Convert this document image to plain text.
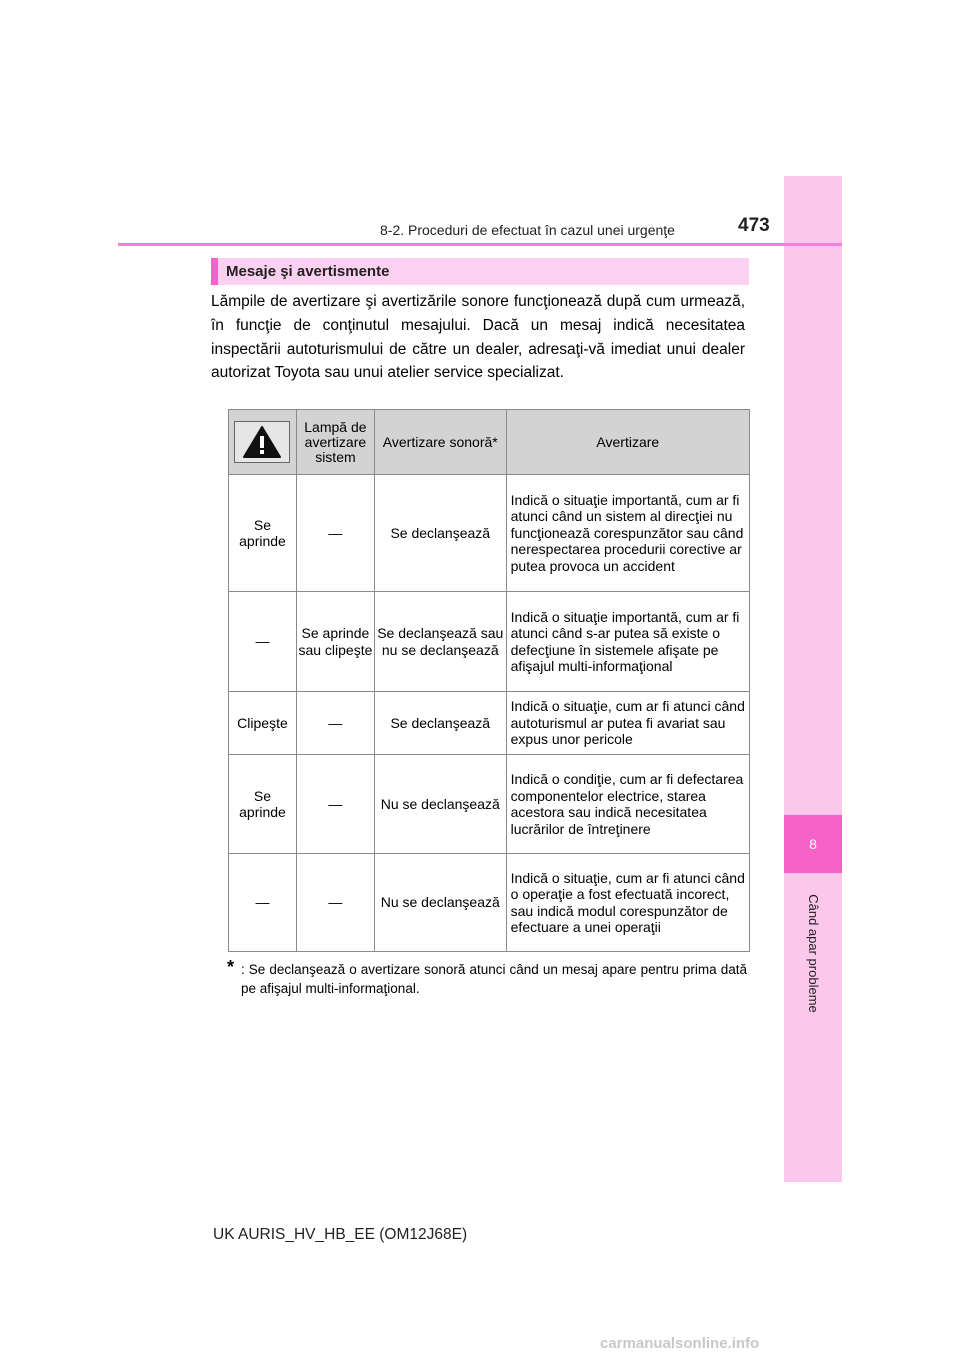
8
Când apar probleme
8-2. Proceduri de efectuat în cazul unei urgenţe	473
Mesaje şi avertismente

Lămpile de avertizare şi avertizările sonore funcţionează după cum urmează, în funcţie de conţinutul mesajului. Dacă un mesaj indică necesitatea inspectării autoturismului de către un dealer, adresaţi-vă imediat unui dealer autorizat Toyota sau unui atelier service specializat.

	Lampă de avertizare sistem	Avertizare sonoră*	Avertizare
Se aprinde	—	Se declanşează	Indică o situaţie importantă, cum ar fi atunci când un sistem al direcţiei nu funcţionează corespunzător sau când nerespectarea procedurii corective ar putea provoca un accident
—	Se aprinde sau clipeşte	Se declanşează sau nu se declanşează	Indică o situaţie importantă, cum ar fi atunci când s-ar putea să existe o defecţiune în sistemele afişate pe afişajul multi-informaţional
Clipeşte	—	Se declanşează	Indică o situaţie, cum ar fi atunci când autoturismul ar putea fi avariat sau expus unor pericole
Se aprinde	—	Nu se declanşează	Indică o condiţie, cum ar fi defectarea componentelor electrice, starea acestora sau indică necesitatea lucrărilor de întreţinere
—	—	Nu se declanşează	Indică o situaţie, cum ar fi atunci când o operaţie a fost efectuată incorect, sau indică modul corespunzător de efectuare a unei operaţii

* : Se declanşează o avertizare sonoră atunci când un mesaj apare pentru prima dată pe afişajul multi-informaţional.

UK AURIS_HV_HB_EE (OM12J68E)
carmanualsonline.info
